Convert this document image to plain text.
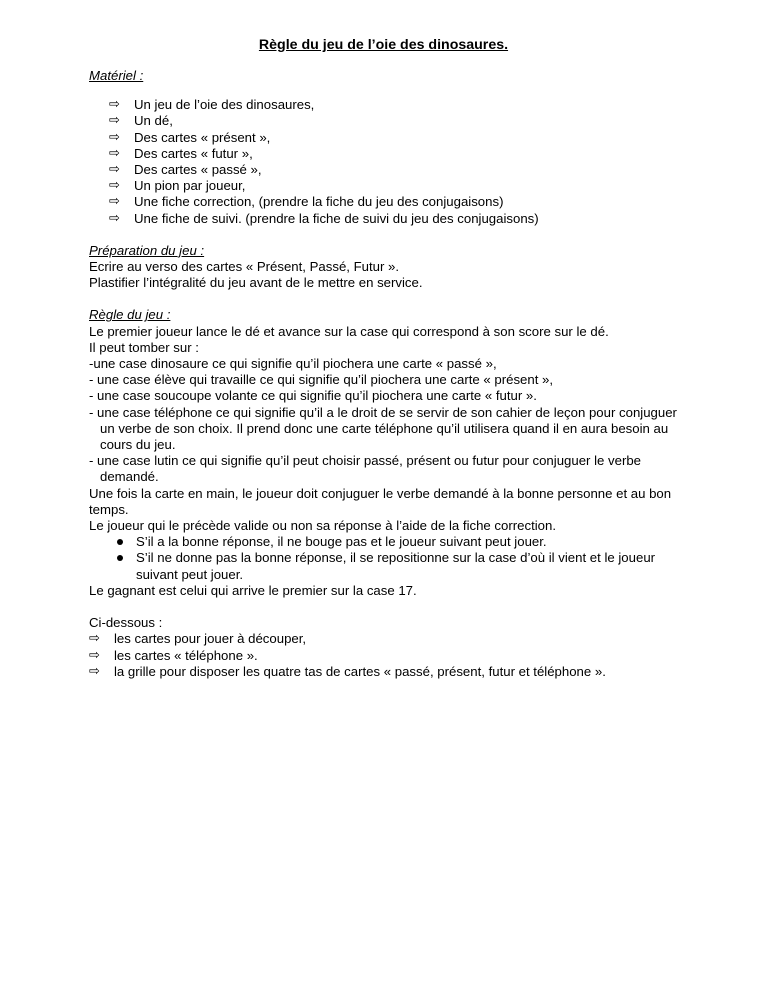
Règle du jeu de l’oie des dinosaures.

Matériel :

⇨	Un jeu de l’oie des dinosaures,
⇨	Un dé,
⇨	Des cartes « présent »,
⇨	Des cartes « futur »,
⇨	Des cartes « passé »,
⇨	Un pion par joueur,
⇨	Une fiche correction, (prendre la fiche du jeu des conjugaisons)
⇨	Une fiche de suivi. (prendre la fiche de suivi du jeu des conjugaisons)

Préparation du jeu :

Ecrire au verso des cartes « Présent, Passé, Futur ».

Plastifier l’intégralité du jeu avant de le mettre en service.

Règle du jeu :

Le premier joueur lance le dé et avance sur la case qui correspond à son score sur le dé.

Il peut tomber sur :

-une case dinosaure ce qui signifie qu’il piochera une carte « passé »,

- une case élève qui travaille ce qui signifie qu’il piochera une carte « présent »,

- une case soucoupe volante ce qui signifie qu’il piochera une carte « futur ».

- une case téléphone ce qui signifie qu’il a le droit de se servir de son cahier de leçon pour conjuguer un verbe de son choix. Il prend donc une carte téléphone qu’il utilisera quand il en aura besoin au cours du jeu.

- une case lutin ce qui signifie qu’il peut choisir passé, présent ou futur pour conjuguer le verbe demandé.

Une fois la carte en main, le joueur doit conjuguer le verbe demandé à la bonne personne et au bon temps.

Le joueur qui le précède valide ou non sa réponse à l’aide de la fiche correction.

S’il a la bonne réponse, il ne bouge pas et le joueur suivant peut jouer.
S’il ne donne pas la bonne réponse, il se repositionne sur la case d’où il vient et le joueur suivant peut jouer.

Le gagnant est celui qui arrive le premier sur la case 17.

Ci-dessous :

⇨	les cartes pour jouer à découper,
⇨	les cartes « téléphone ».
⇨	la grille pour disposer les quatre tas de cartes « passé, présent, futur et téléphone ».
